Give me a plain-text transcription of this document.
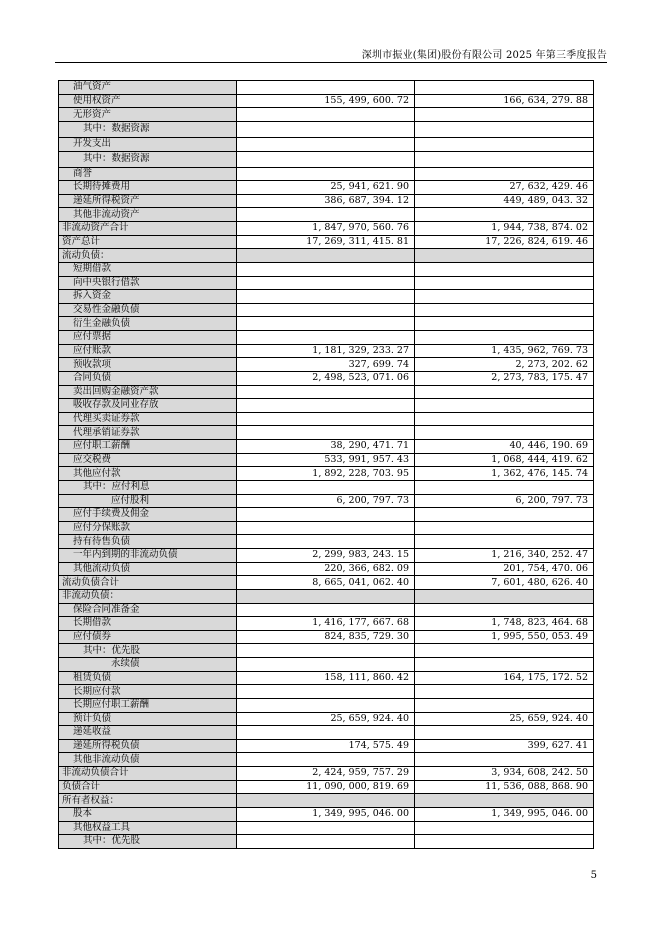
深圳市振业(集团)股份有限公司 2025 年第三季度报告
油气资产		
使用权资产	155, 499, 600. 72	166, 634, 279. 88
无形资产		
其中：数据资源		
开发支出		
其中：数据资源		
商誉		
长期待摊费用	25, 941, 621. 90	27, 632, 429. 46
递延所得税资产	386, 687, 394. 12	449, 489, 043. 32
其他非流动资产		
非流动资产合计	1, 847, 970, 560. 76	1, 944, 738, 874. 02
资产总计	17, 269, 311, 415. 81	17, 226, 824, 619. 46
流动负债：		
短期借款		
向中央银行借款		
拆入资金		
交易性金融负债		
衍生金融负债		
应付票据		
应付账款	1, 181, 329, 233. 27	1, 435, 962, 769. 73
预收款项	327, 699. 74	2, 273, 202. 62
合同负债	2, 498, 523, 071. 06	2, 273, 783, 175. 47
卖出回购金融资产款		
吸收存款及同业存放		
代理买卖证券款		
代理承销证券款		
应付职工薪酬	38, 290, 471. 71	40, 446, 190. 69
应交税费	533, 991, 957. 43	1, 068, 444, 419. 62
其他应付款	1, 892, 228, 703. 95	1, 362, 476, 145. 74
其中：应付利息		
应付股利	6, 200, 797. 73	6, 200, 797. 73
应付手续费及佣金		
应付分保账款		
持有待售负债		
一年内到期的非流动负债	2, 299, 983, 243. 15	1, 216, 340, 252. 47
其他流动负债	220, 366, 682. 09	201, 754, 470. 06
流动负债合计	8, 665, 041, 062. 40	7, 601, 480, 626. 40
非流动负债：		
保险合同准备金		
长期借款	1, 416, 177, 667. 68	1, 748, 823, 464. 68
应付债券	824, 835, 729. 30	1, 995, 550, 053. 49
其中：优先股		
永续债		
租赁负债	158, 111, 860. 42	164, 175, 172. 52
长期应付款		
长期应付职工薪酬		
预计负债	25, 659, 924. 40	25, 659, 924. 40
递延收益		
递延所得税负债	174, 575. 49	399, 627. 41
其他非流动负债		
非流动负债合计	2, 424, 959, 757. 29	3, 934, 608, 242. 50
负债合计	11, 090, 000, 819. 69	11, 536, 088, 868. 90
所有者权益：		
股本	1, 349, 995, 046. 00	1, 349, 995, 046. 00
其他权益工具		
其中：优先股		
5
